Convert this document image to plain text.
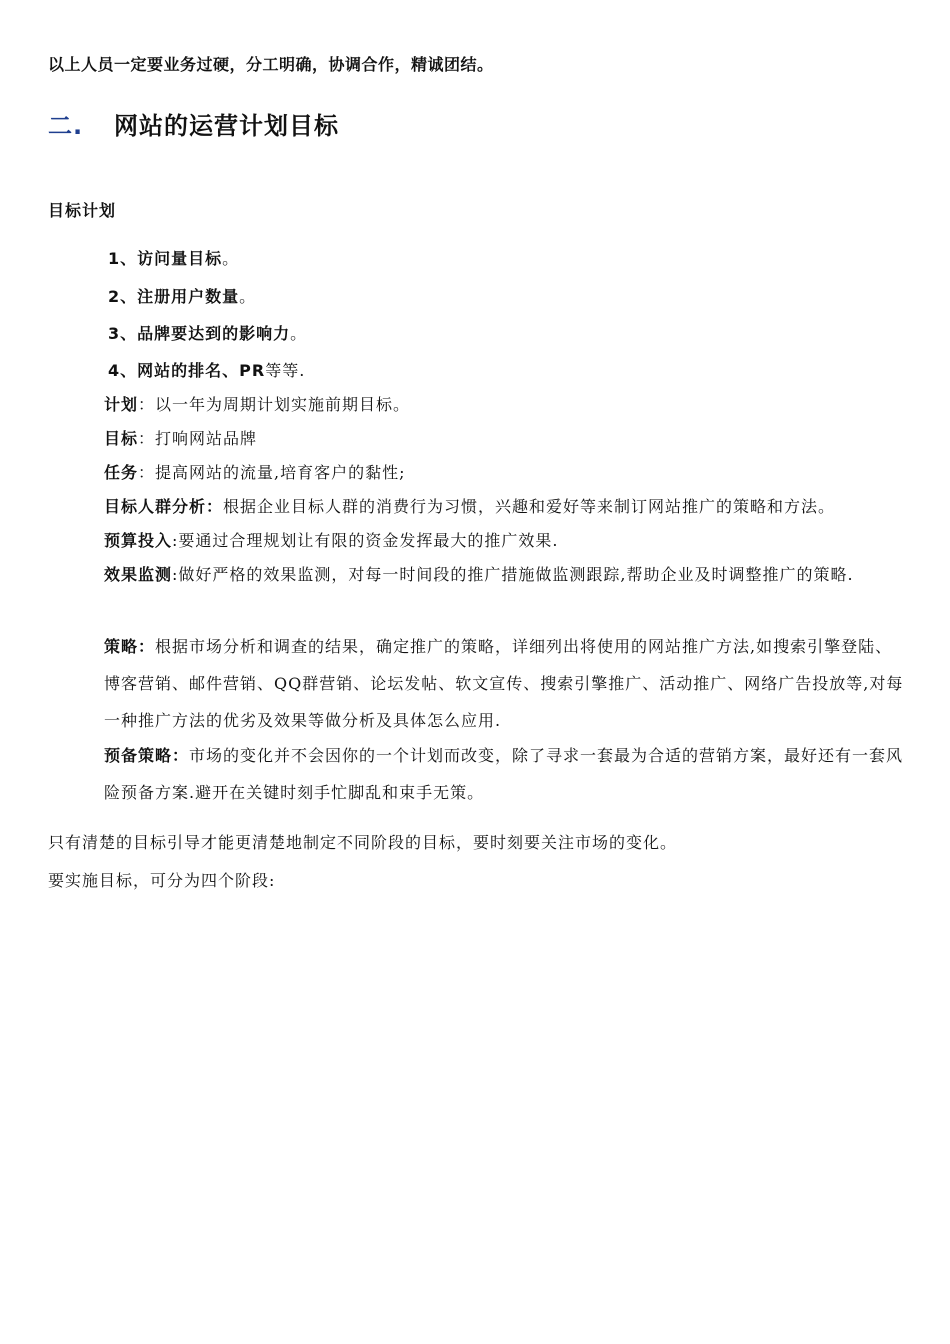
以上人员一定要业务过硬，分工明确，协调合作，精诚团结。
二. 网站的运营计划目标
目标计划
1、访问量目标。
2、注册用户数量。
3、品牌要达到的影响力。
4、网站的排名、PR等等.
计划：以一年为周期计划实施前期目标。
目标：打响网站品牌
任务：提高网站的流量,培育客户的黏性;
目标人群分析：根据企业目标人群的消费行为习惯，兴趣和爱好等来制订网站推广的策略和方法。
预算投入:要通过合理规划让有限的资金发挥最大的推广效果.
效果监测:做好严格的效果监测，对每一时间段的推广措施做监测跟踪,帮助企业及时调整推广的策略.
策略：根据市场分析和调查的结果，确定推广的策略，详细列出将使用的网站推广方法,如搜索引擎登陆、博客营销、邮件营销、QQ群营销、论坛发帖、软文宣传、搜索引擎推广、活动推广、网络广告投放等,对每一种推广方法的优劣及效果等做分析及具体怎么应用.
预备策略：市场的变化并不会因你的一个计划而改变，除了寻求一套最为合适的营销方案，最好还有一套风险预备方案.避开在关键时刻手忙脚乱和束手无策。
只有清楚的目标引导才能更清楚地制定不同阶段的目标，要时刻要关注市场的变化。
要实施目标，可分为四个阶段:
